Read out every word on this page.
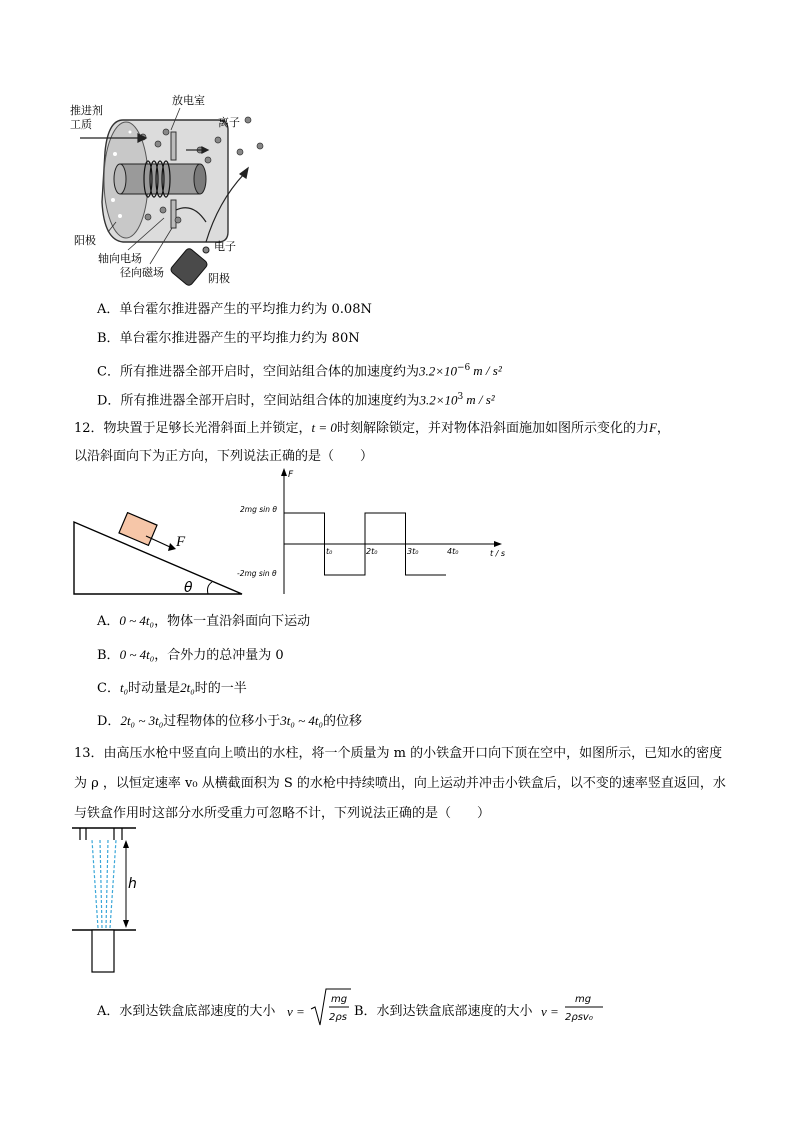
推进剂
工质
放电室
离子
阳极
轴向电场
径向磁场
电子
阴极
A．单台霍尔推进器产生的平均推力约为 0.08N
B．单台霍尔推进器产生的平均推力约为 80N
C．所有推进器全部开启时，空间站组合体的加速度约为$3.2\times 10^{-6}$ m / s²
D．所有推进器全部开启时，空间站组合体的加速度约为$3.2\times 10^3$ m / s²
12．物块置于足够长光滑斜面上并锁定，t = 0时刻解除锁定，并对物体沿斜面施加如图所示变化的力F，
以沿斜面向下为正方向，下列说法正确的是（　　）
F
θ
F
t / s
2mg sin θ
-2mg sin θ
t₀	2t₀	3t₀	4t₀
A．0 ~ 4t₀，物体一直沿斜面向下运动
B．0 ~ 4t₀，合外力的总冲量为 0
C．t₀时动量是2t₀时的一半
D．2t₀ ~ 3t₀过程物体的位移小于3t₀ ~ 4t₀的位移
13．由高压水枪中竖直向上喷出的水柱，将一个质量为 m 的小铁盒开口向下顶在空中，如图所示，已知水的密度为 ρ ，以恒定速率 v₀ 从横截面积为 S 的水枪中持续喷出，向上运动并冲击小铁盒后，以不变的速率竖直返回，水与铁盒作用时这部分水所受重力可忽略不计，下列说法正确的是（　　）
h
A．水到达铁盒底部速度的大小 v =
mg
2ρs B．水到达铁盒底部速度的大小 v =
mg
2ρsv₀
